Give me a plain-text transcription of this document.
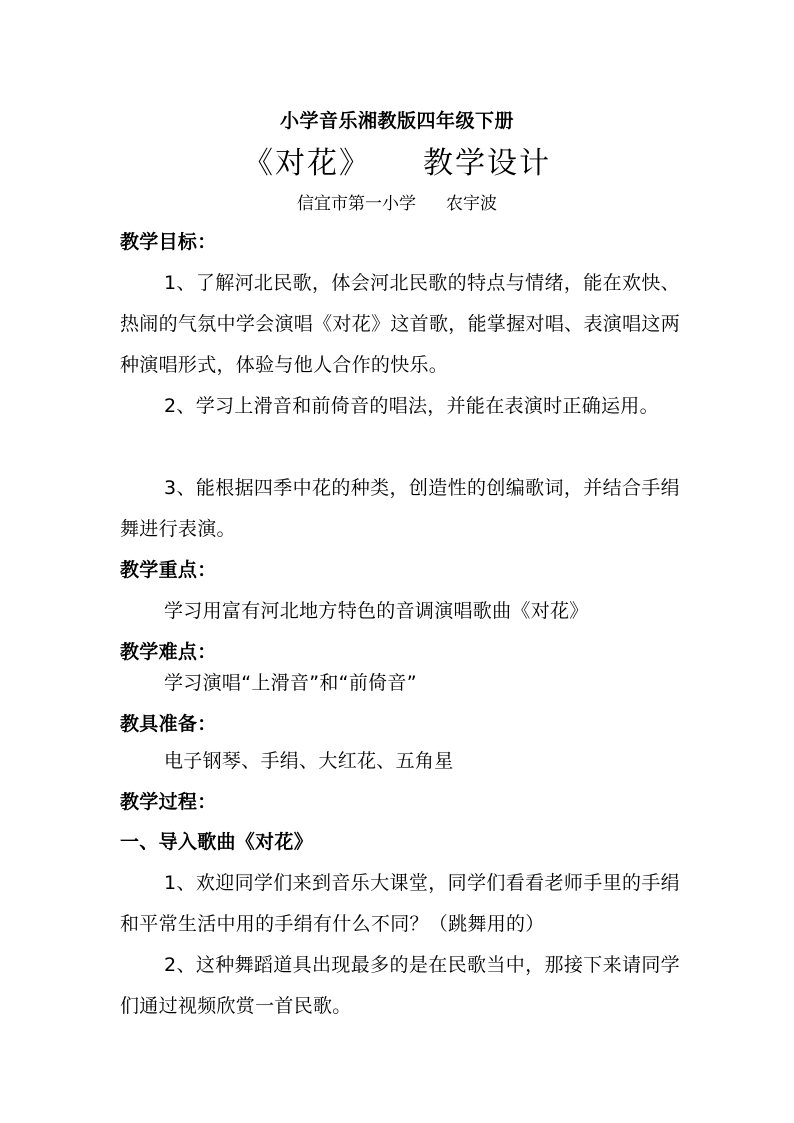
小学音乐湘教版四年级下册
《对花》 教学设计
信宜市第一小学 农宇波
教学目标：
1、了解河北民歌，体会河北民歌的特点与情绪，能在欢快、热闹的气氛中学会演唱《对花》这首歌，能掌握对唱、表演唱这两种演唱形式，体验与他人合作的快乐。
2、学习上滑音和前倚音的唱法，并能在表演时正确运用。
3、能根据四季中花的种类，创造性的创编歌词，并结合手绢舞进行表演。
教学重点：
学习用富有河北地方特色的音调演唱歌曲《对花》
教学难点：
学习演唱“上滑音”和“前倚音”
教具准备：
电子钢琴、手绢、大红花、五角星
教学过程：
一、导入歌曲《对花》
1、欢迎同学们来到音乐大课堂，同学们看看老师手里的手绢和平常生活中用的手绢有什么不同？（跳舞用的）
2、这种舞蹈道具出现最多的是在民歌当中，那接下来请同学们通过视频欣赏一首民歌。
